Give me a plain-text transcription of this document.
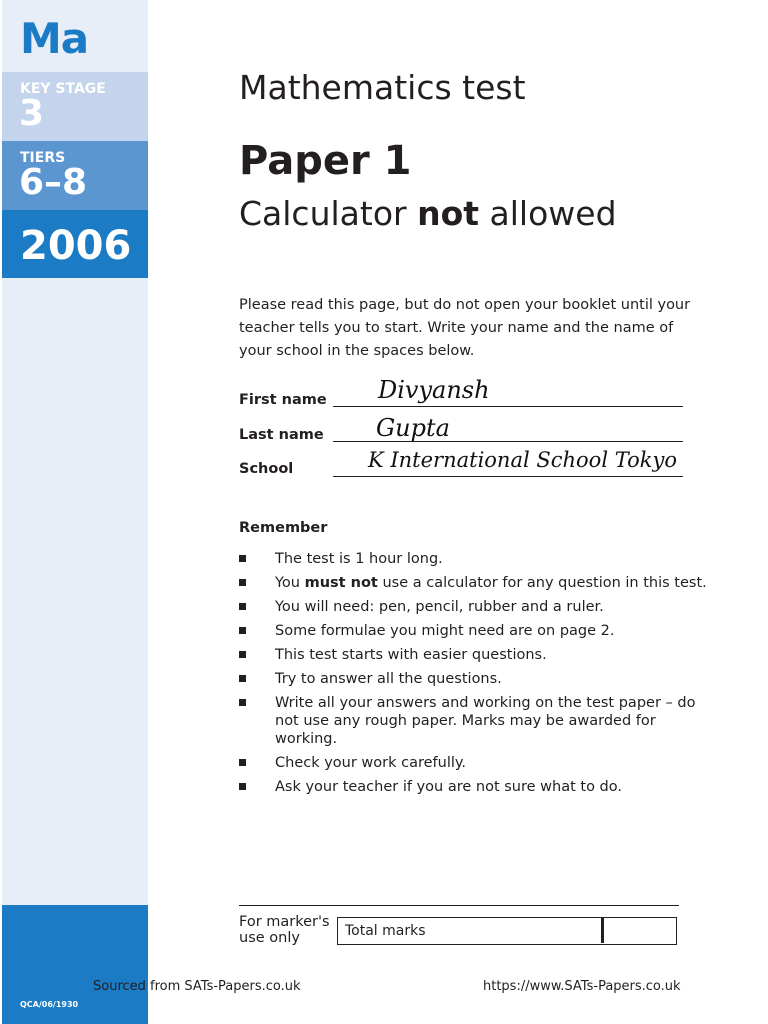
Ma
KEY STAGE
3
TIERS
6–8
2006
QCA/06/1930
Mathematics test
Paper 1
Calculator not allowed
Please read this page, but do not open your booklet until your teacher tells you to start. Write your name and the name of your school in the spaces below.
First name Divyansh
Last name Gupta
School	K International School Tokyo
Remember
The test is 1 hour long.
You must not use a calculator for any question in this test.
You will need: pen, pencil, rubber and a ruler.
Some formulae you might need are on page 2.
This test starts with easier questions.
Try to answer all the questions.
Write all your answers and working on the test paper – do not use any rough paper. Marks may be awarded for working.
Check your work carefully.
Ask your teacher if you are not sure what to do.
For marker's use only	Total marks
Sourced from SATs-Papers.co.uk	https://www.SATs-Papers.co.uk
